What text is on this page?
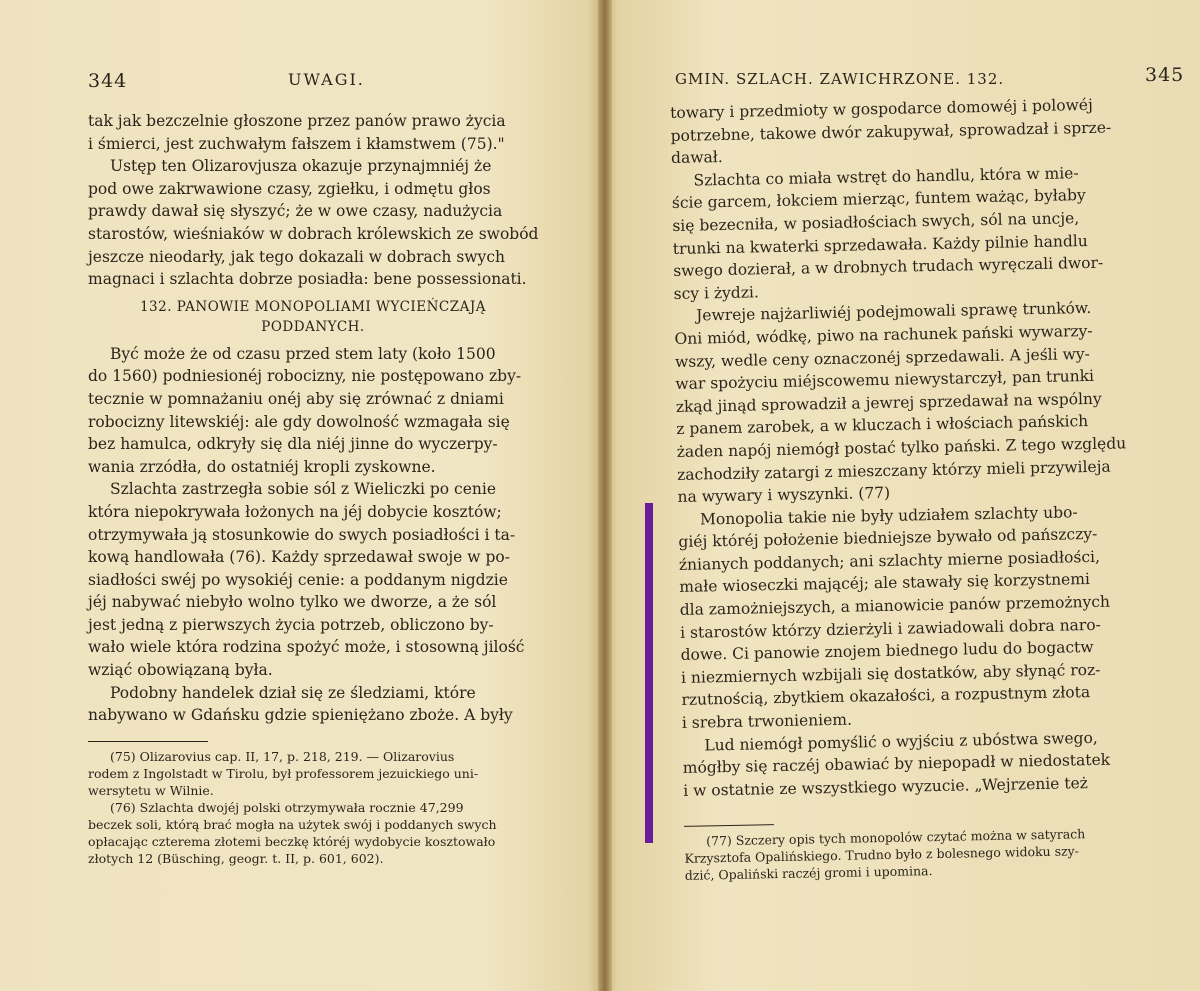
344	UWAGI.
tak jak bezczelnie głoszone przez panów prawo życia
i śmierci, jest zuchwałym fałszem i kłamstwem (75)."
Ustęp ten Olizarovjusza okazuje przynajmniéj że
pod owe zakrwawione czasy, zgiełku, i odmętu głos
prawdy dawał się słyszyć; że w owe czasy, nadużycia
starostów, wieśniaków w dobrach królewskich ze swobód
jeszcze nieodarły, jak tego dokazali w dobrach swych
magnaci i szlachta dobrze posiadła: bene possessionati.
132. PANOWIE MONOPOLIAMI WYCIEŃCZAJĄ
PODDANYCH.
Być może że od czasu przed stem laty (koło 1500
do 1560) podniesionéj robocizny, nie postępowano zby-
tecznie w pomnażaniu onéj aby się zrównać z dniami
robocizny litewskiéj: ale gdy dowolność wzmagała się
bez hamulca, odkryły się dla niéj jinne do wyczerpy-
wania zrzódła, do ostatniéj kropli zyskowne.
Szlachta zastrzegła sobie sól z Wieliczki po cenie
która niepokrywała łożonych na jéj dobycie kosztów;
otrzymywała ją stosunkowie do swych posiadłości i ta-
kową handlowała (76). Każdy sprzedawał swoje w po-
siadłości swéj po wysokiéj cenie: a poddanym nigdzie
jéj nabywać niebyło wolno tylko we dworze, a że sól
jest jedną z pierwszych życia potrzeb, obliczono by-
wało wiele która rodzina spożyć może, i stosowną jilość
wziąć obowiązaną była.
Podobny handelek dział się ze śledziami, które
nabywano w Gdańsku gdzie spieniężano zboże. A były
(75) Olizarovius cap. II, 17, p. 218, 219. — Olizarovius
rodem z Ingolstadt w Tirolu, był professorem jezuickiego uni-
wersytetu w Wilnie.
(76) Szlachta dwojéj polski otrzymywała rocznie 47,299
beczek soli, którą brać mogła na użytek swój i poddanych swych
opłacając czterema złotemi beczkę któréj wydobycie kosztowało
złotych 12 (Büsching, geogr. t. II, p. 601, 602).
GMIN. SZLACH. ZAWICHRZONE. 132.	345
towary i przedmioty w gospodarce domowéj i polowéj
potrzebne, takowe dwór zakupywał, sprowadzał i sprze-
dawał.
Szlachta co miała wstręt do handlu, która w mie-
ście garcem, łokciem mierząc, funtem ważąc, byłaby
się bezecniła, w posiadłościach swych, sól na uncje,
trunki na kwaterki sprzedawała. Każdy pilnie handlu
swego dozierał, a w drobnych trudach wyręczali dwor-
scy i żydzi.
Jewreje najżarliwiéj podejmowali sprawę trunków.
Oni miód, wódkę, piwo na rachunek pański wywarzy-
wszy, wedle ceny oznaczonéj sprzedawali. A jeśli wy-
war spożyciu miéjscowemu niewystarczył, pan trunki
zkąd jinąd sprowadził a jewrej sprzedawał na wspólny
z panem zarobek, a w kluczach i włościach pańskich
żaden napój niemógł postać tylko pański. Z tego względu
zachodziły zatargi z mieszczany którzy mieli przywileja
na wywary i wyszynki. (77)
Monopolia takie nie były udziałem szlachty ubo-
giéj któréj położenie biedniejsze bywało od pańszczy-
źnianych poddanych; ani szlachty mierne posiadłości,
małe wioseczki mającéj; ale stawały się korzystnemi
dla zamożniejszych, a mianowicie panów przemożnych
i starostów którzy dzierżyli i zawiadowali dobra naro-
dowe. Ci panowie znojem biednego ludu do bogactw
i niezmiernych wzbijali się dostatków, aby słynąć roz-
rzutnością, zbytkiem okazałości, a rozpustnym złota
i srebra trwonieniem.
Lud niemógł pomyślić o wyjściu z ubóstwa swego,
mógłby się raczéj obawiać by niepopadł w niedostatek
i w ostatnie ze wszystkiego wyzucie. „Wejrzenie też
(77) Szczery opis tych monopolów czytać można w satyrach
Krzysztofa Opalińskiego. Trudno było z bolesnego widoku szy-
dzić, Opaliński raczéj gromi i upomina.
